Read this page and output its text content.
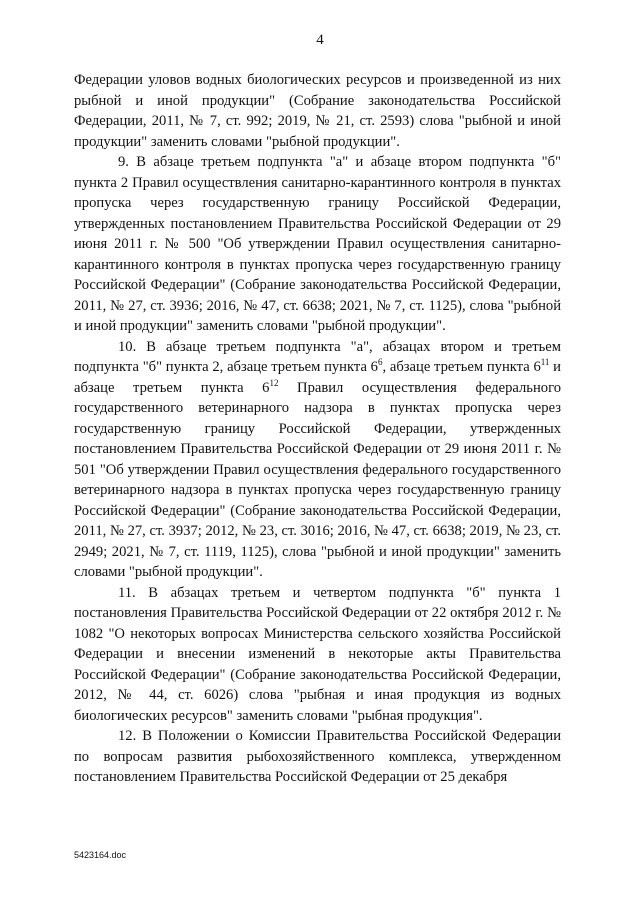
4

Федерации уловов водных биологических ресурсов и произведенной из них рыбной и иной продукции" (Собрание законодательства Российской Федерации, 2011, № 7, ст. 992; 2019, № 21, ст. 2593) слова "рыбной и иной продукции" заменить словами "рыбной продукции".

9. В абзаце третьем подпункта "а" и абзаце втором подпункта "б" пункта 2 Правил осуществления санитарно-карантинного контроля в пунктах пропуска через государственную границу Российской Федерации, утвержденных постановлением Правительства Российской Федерации от 29 июня 2011 г. № 500 "Об утверждении Правил осуществления санитарно-карантинного контроля в пунктах пропуска через государственную границу Российской Федерации" (Собрание законодательства Российской Федерации, 2011, № 27, ст. 3936; 2016, № 47, ст. 6638; 2021, № 7, ст. 1125), слова "рыбной и иной продукции" заменить словами "рыбной продукции".

10. В абзаце третьем подпункта "а", абзацах втором и третьем подпункта "б" пункта 2, абзаце третьем пункта $6^6$, абзаце третьем пункта $6^{11}$ и абзаце третьем пункта $6^{12}$ Правил осуществления федерального государственного ветеринарного надзора в пунктах пропуска через государственную границу Российской Федерации, утвержденных постановлением Правительства Российской Федерации от 29 июня 2011 г. № 501 "Об утверждении Правил осуществления федерального государственного ветеринарного надзора в пунктах пропуска через государственную границу Российской Федерации" (Собрание законодательства Российской Федерации, 2011, № 27, ст. 3937; 2012, № 23, ст. 3016; 2016, № 47, ст. 6638; 2019, № 23, ст. 2949; 2021, № 7, ст. 1119, 1125), слова "рыбной и иной продукции" заменить словами "рыбной продукции".

11. В абзацах третьем и четвертом подпункта "б" пункта 1 постановления Правительства Российской Федерации от 22 октября 2012 г. № 1082 "О некоторых вопросах Министерства сельского хозяйства Российской Федерации и внесении изменений в некоторые акты Правительства Российской Федерации" (Собрание законодательства Российской Федерации, 2012, № 44, ст. 6026) слова "рыбная и иная продукция из водных биологических ресурсов" заменить словами "рыбная продукция".

12. В Положении о Комиссии Правительства Российской Федерации по вопросам развития рыбохозяйственного комплекса, утвержденном постановлением Правительства Российской Федерации от 25 декабря

5423164.doc
